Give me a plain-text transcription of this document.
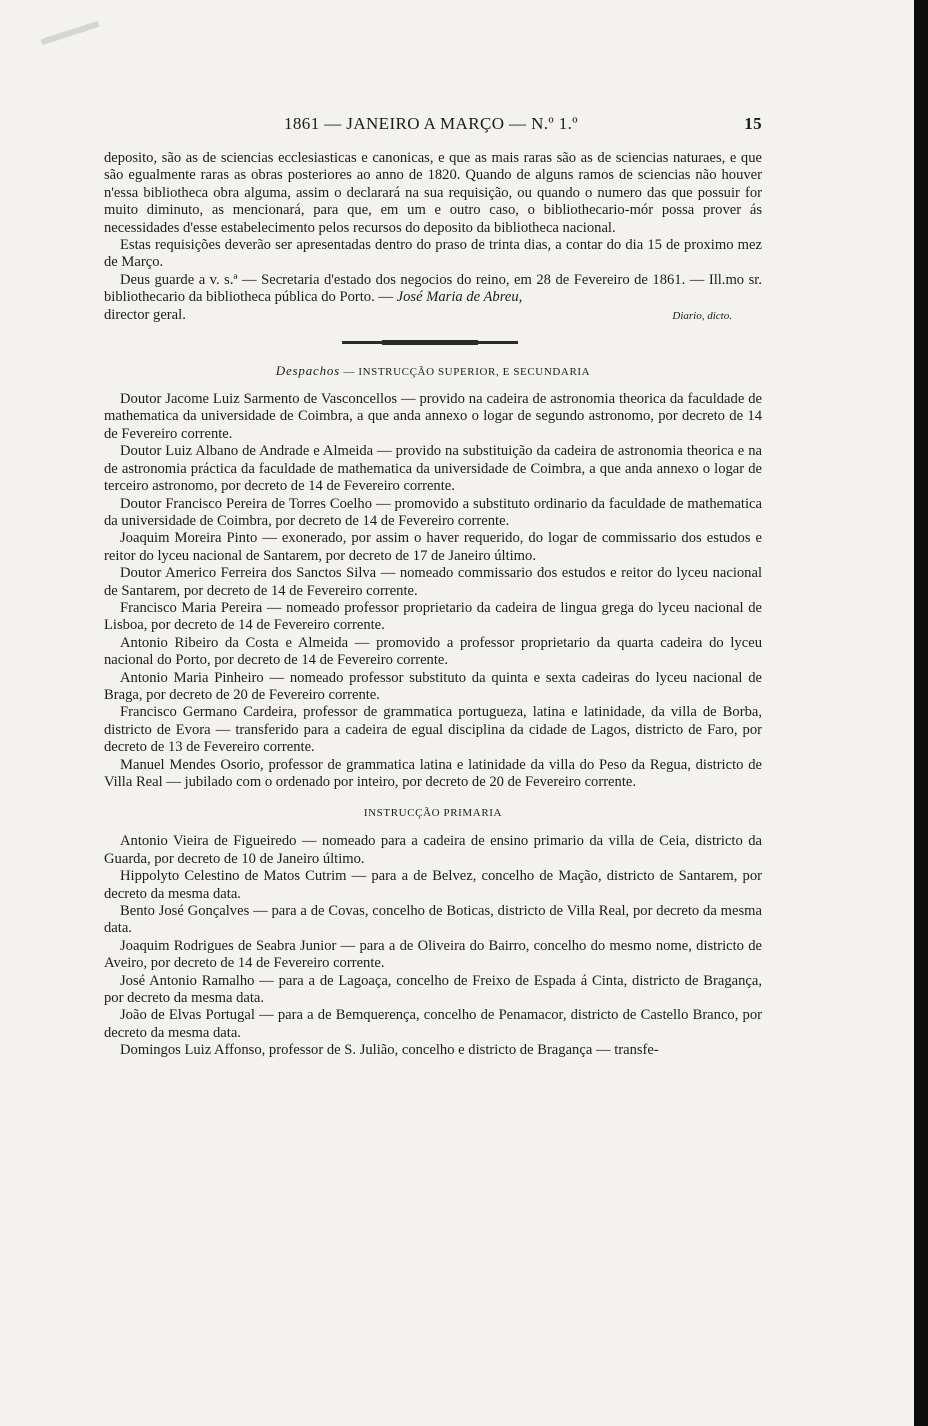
1861 — JANEIRO A MARÇO — N.º 1.º	15

deposito, são as de sciencias ecclesiasticas e canonicas, e que as mais raras são as de sciencias naturaes, e que são egualmente raras as obras posteriores ao anno de 1820. Quando de alguns ramos de sciencias não houver n'essa bibliotheca obra alguma, assim o declarará na sua requisição, ou quando o numero das que possuir for muito diminuto, as mencionará, para que, em um e outro caso, o bibliothecario-mór possa prover ás necessidades d'esse estabelecimento pelos recursos do deposito da bibliotheca nacional.

Estas requisições deverão ser apresentadas dentro do praso de trinta dias, a contar do dia 15 de proximo mez de Março.

Deus guarde a v. s.ª — Secretaria d'estado dos negocios do reino, em 28 de Fevereiro de 1861. — Ill.mo sr. bibliothecario da bibliotheca pública do Porto. — José Maria de Abreu,

director geral.	Diario, dicto.
Despachos — INSTRUCÇÃO SUPERIOR, E SECUNDARIA

Doutor Jacome Luiz Sarmento de Vasconcellos — provido na cadeira de astronomia theorica da faculdade de mathematica da universidade de Coimbra, a que anda annexo o logar de segundo astronomo, por decreto de 14 de Fevereiro corrente.

Doutor Luiz Albano de Andrade e Almeida — provido na substituição da cadeira de astronomia theorica e na de astronomia práctica da faculdade de mathematica da universidade de Coimbra, a que anda annexo o logar de terceiro astronomo, por decreto de 14 de Fevereiro corrente.

Doutor Francisco Pereira de Torres Coelho — promovido a substituto ordinario da faculdade de mathematica da universidade de Coimbra, por decreto de 14 de Fevereiro corrente.

Joaquim Moreira Pinto — exonerado, por assim o haver requerido, do logar de commissario dos estudos e reitor do lyceu nacional de Santarem, por decreto de 17 de Janeiro último.

Doutor Americo Ferreira dos Sanctos Silva — nomeado commissario dos estudos e reitor do lyceu nacional de Santarem, por decreto de 14 de Fevereiro corrente.

Francisco Maria Pereira — nomeado professor proprietario da cadeira de lingua grega do lyceu nacional de Lisboa, por decreto de 14 de Fevereiro corrente.

Antonio Ribeiro da Costa e Almeida — promovido a professor proprietario da quarta cadeira do lyceu nacional do Porto, por decreto de 14 de Fevereiro corrente.

Antonio Maria Pinheiro — nomeado professor substituto da quinta e sexta cadeiras do lyceu nacional de Braga, por decreto de 20 de Fevereiro corrente.

Francisco Germano Cardeira, professor de grammatica portugueza, latina e latinidade, da villa de Borba, districto de Evora — transferido para a cadeira de egual disciplina da cidade de Lagos, districto de Faro, por decreto de 13 de Fevereiro corrente.

Manuel Mendes Osorio, professor de grammatica latina e latinidade da villa do Peso da Regua, districto de Villa Real — jubilado com o ordenado por inteiro, por decreto de 20 de Fevereiro corrente.

INSTRUCÇÃO PRIMARIA

Antonio Vieira de Figueiredo — nomeado para a cadeira de ensino primario da villa de Ceia, districto da Guarda, por decreto de 10 de Janeiro último.

Hippolyto Celestino de Matos Cutrim — para a de Belvez, concelho de Mação, districto de Santarem, por decreto da mesma data.

Bento José Gonçalves — para a de Covas, concelho de Boticas, districto de Villa Real, por decreto da mesma data.

Joaquim Rodrigues de Seabra Junior — para a de Oliveira do Bairro, concelho do mesmo nome, districto de Aveiro, por decreto de 14 de Fevereiro corrente.

José Antonio Ramalho — para a de Lagoaça, concelho de Freixo de Espada á Cinta, districto de Bragança, por decreto da mesma data.

João de Elvas Portugal — para a de Bemquerença, concelho de Penamacor, districto de Castello Branco, por decreto da mesma data.

Domingos Luiz Affonso, professor de S. Julião, concelho e districto de Bragança — transfe-
